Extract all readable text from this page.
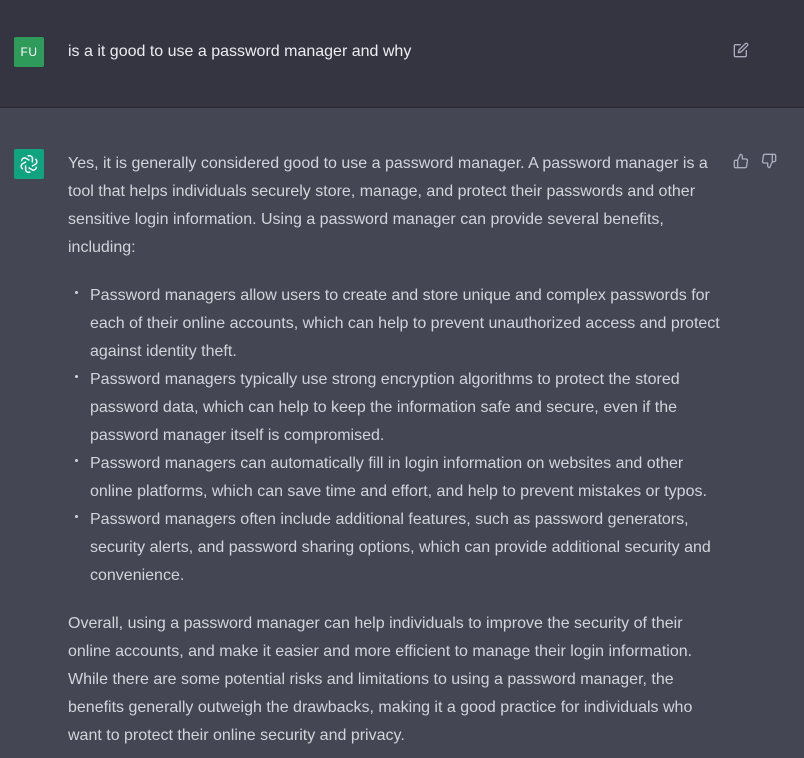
FU	is a it good to use a password manager and why

Yes, it is generally considered good to use a password manager. A password manager is a tool that helps individuals securely store, manage, and protect their passwords and other sensitive login information. Using a password manager can provide several benefits, including:

Password managers allow users to create and store unique and complex passwords for each of their online accounts, which can help to prevent unauthorized access and protect against identity theft.
Password managers typically use strong encryption algorithms to protect the stored password data, which can help to keep the information safe and secure, even if the password manager itself is compromised.
Password managers can automatically fill in login information on websites and other online platforms, which can save time and effort, and help to prevent mistakes or typos.
Password managers often include additional features, such as password generators, security alerts, and password sharing options, which can provide additional security and convenience.

Overall, using a password manager can help individuals to improve the security of their online accounts, and make it easier and more efficient to manage their login information. While there are some potential risks and limitations to using a password manager, the benefits generally outweigh the drawbacks, making it a good practice for individuals who want to protect their online security and privacy.
